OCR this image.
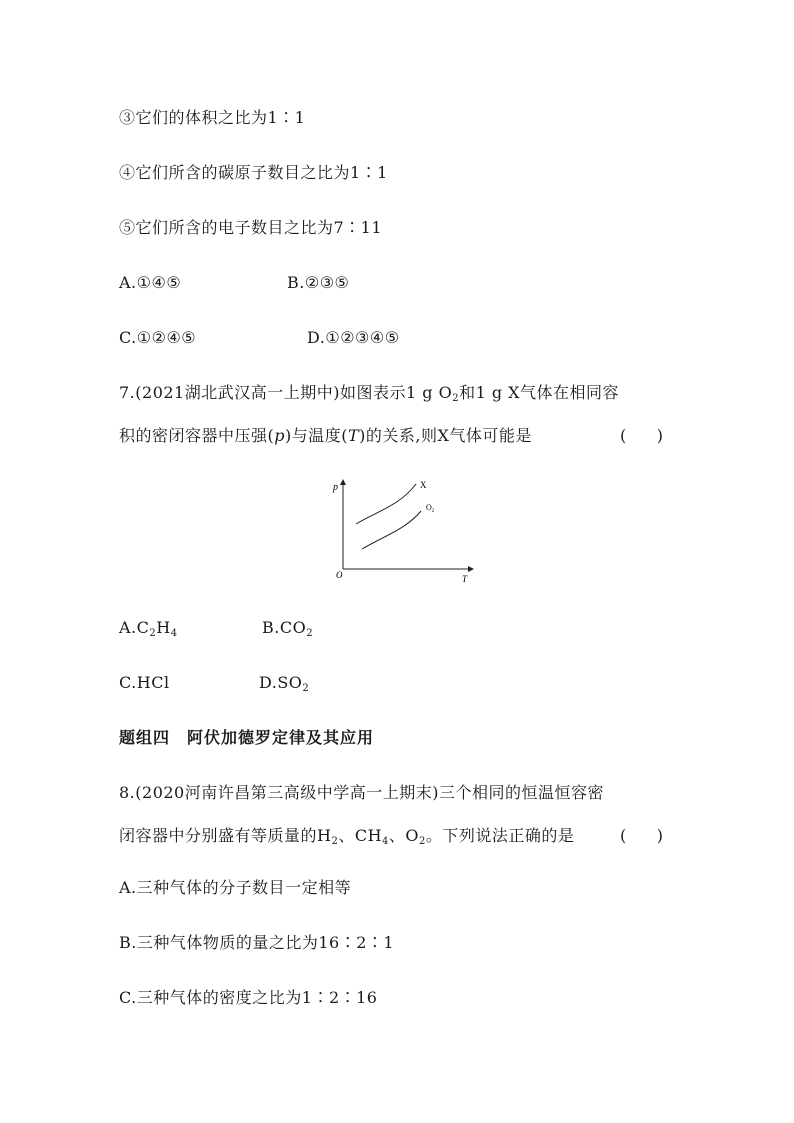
③它们的体积之比为1∶1
④它们所含的碳原子数目之比为1∶1
⑤它们所含的电子数目之比为7∶11
A.①④⑤	B.②③⑤
C.①②④⑤	D.①②③④⑤
7.(2021湖北武汉高一上期中)如图表示1 g $O_2$和1 g X气体在相同容
积的密闭容器中压强(p)与温度(T)的关系,则X气体可能是	(      )
p
T
O
X
$O_2$
$A.C_2H_4$	$B.CO_2$
C.HCl	$D.SO_2$
题组四　阿伏加德罗定律及其应用
8.(2020河南许昌第三高级中学高一上期末)三个相同的恒温恒容密
闭容器中分别盛有等质量的$H_2$、$CH_4$、$O_2$。下列说法正确的是	(      )
A.三种气体的分子数目一定相等
B.三种气体物质的量之比为16∶2∶1
C.三种气体的密度之比为1∶2∶16
